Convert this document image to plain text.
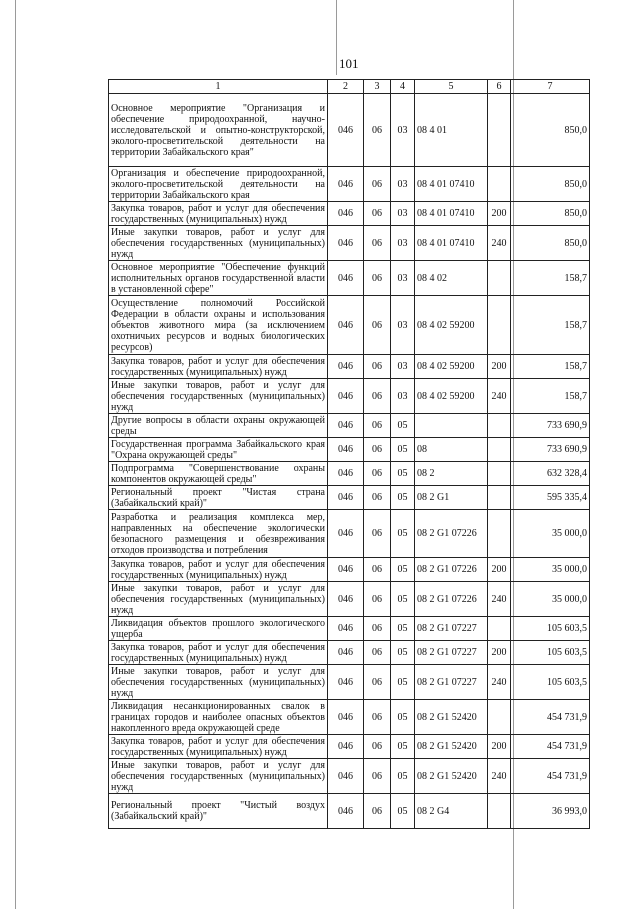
101
1	2	3	4	5	6	7
Основное мероприятие "Организация и обеспечение природоохранной, научно-исследовательской и опытно-конструкторской, эколого-просветительской деятельности на территории Забайкальского края"	046	06	03	08 4 01		850,0
Организация и обеспечение природоохранной, эколого-просветительской деятельности на территории Забайкальского края	046	06	03	08 4 01 07410		850,0
Закупка товаров, работ и услуг для обеспечения государственных (муниципальных) нужд	046	06	03	08 4 01 07410	200	850,0
Иные закупки товаров, работ и услуг для обеспечения государственных (муниципальных) нужд	046	06	03	08 4 01 07410	240	850,0
Основное мероприятие "Обеспечение функций исполнительных органов государственной власти в установленной сфере"	046	06	03	08 4 02		158,7
Осуществление полномочий Российской Федерации в области охраны и использования объектов животного мира (за исключением охотничьих ресурсов и водных биологических ресурсов)	046	06	03	08 4 02 59200		158,7
Закупка товаров, работ и услуг для обеспечения государственных (муниципальных) нужд	046	06	03	08 4 02 59200	200	158,7
Иные закупки товаров, работ и услуг для обеспечения государственных (муниципальных) нужд	046	06	03	08 4 02 59200	240	158,7
Другие вопросы в области охраны окружающей среды	046	06	05			733 690,9
Государственная программа Забайкальского края "Охрана окружающей среды"	046	06	05	08		733 690,9
Подпрограмма "Совершенствование охраны компонентов окружающей среды"	046	06	05	08 2		632 328,4
Региональный проект "Чистая страна (Забайкальский край)"	046	06	05	08 2 G1		595 335,4
Разработка и реализация комплекса мер, направленных на обеспечение экологически безопасного размещения и обезвреживания отходов производства и потребления	046	06	05	08 2 G1 07226		35 000,0
Закупка товаров, работ и услуг для обеспечения государственных (муниципальных) нужд	046	06	05	08 2 G1 07226	200	35 000,0
Иные закупки товаров, работ и услуг для обеспечения государственных (муниципальных) нужд	046	06	05	08 2 G1 07226	240	35 000,0
Ликвидация объектов прошлого экологического ущерба	046	06	05	08 2 G1 07227		105 603,5
Закупка товаров, работ и услуг для обеспечения государственных (муниципальных) нужд	046	06	05	08 2 G1 07227	200	105 603,5
Иные закупки товаров, работ и услуг для обеспечения государственных (муниципальных) нужд	046	06	05	08 2 G1 07227	240	105 603,5
Ликвидация несанкционированных свалок в границах городов и наиболее опасных объектов накопленного вреда окружающей среде	046	06	05	08 2 G1 52420		454 731,9
Закупка товаров, работ и услуг для обеспечения государственных (муниципальных) нужд	046	06	05	08 2 G1 52420	200	454 731,9
Иные закупки товаров, работ и услуг для обеспечения государственных (муниципальных) нужд	046	06	05	08 2 G1 52420	240	454 731,9
Региональный проект "Чистый воздух (Забайкальский край)"	046	06	05	08 2 G4		36 993,0
